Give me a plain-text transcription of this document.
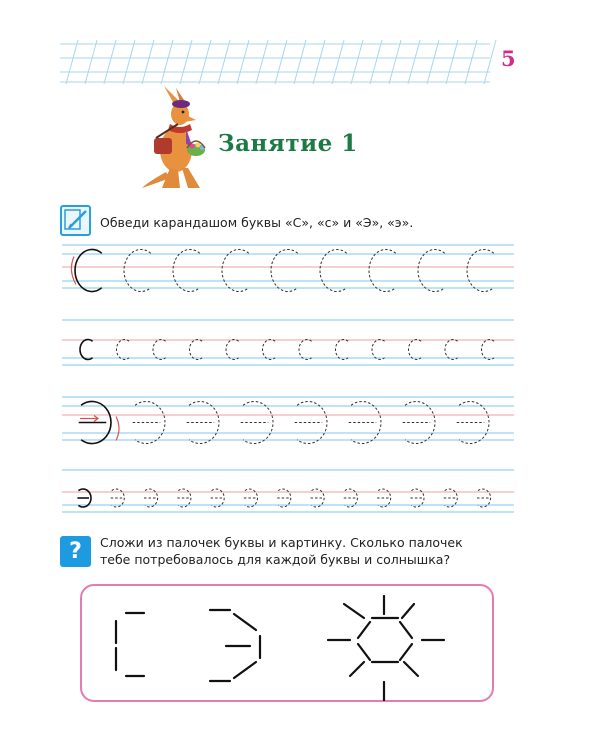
5
Занятие 1
Обведи карандашом буквы «С», «с» и «Э», «э».
?	Сложи из палочек буквы и картинку. Сколько палочек
тебе потребовалось для каждой буквы и солнышка?
